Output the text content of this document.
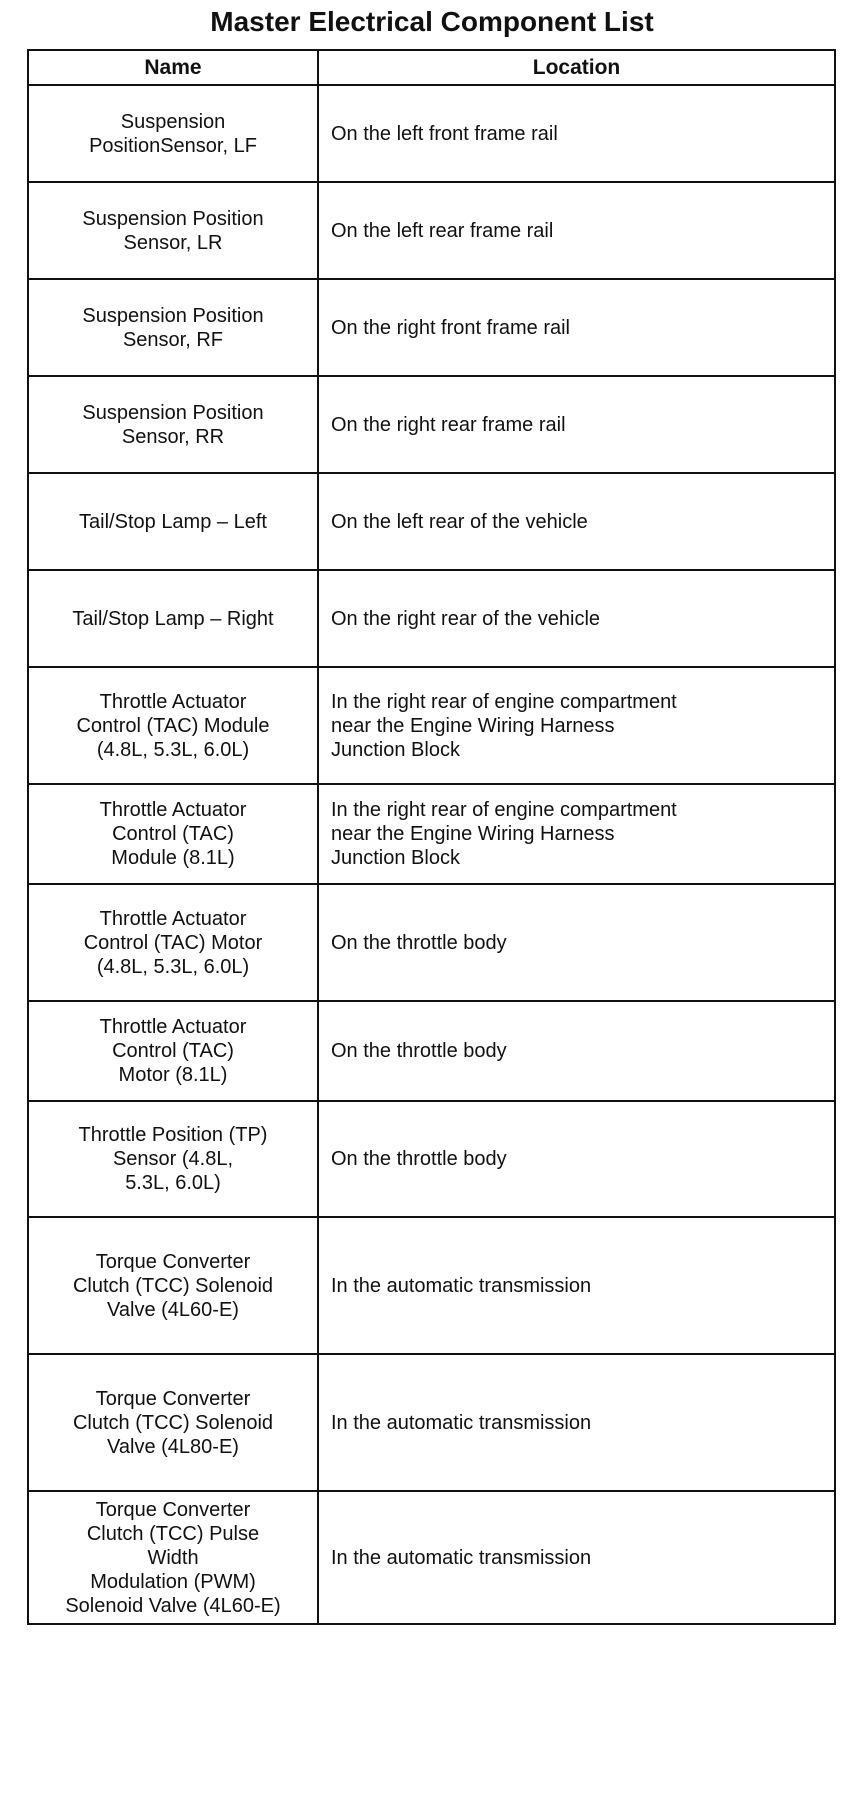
Master Electrical Component List
Name	Location
Suspension
PositionSensor, LF	On the left front frame rail
Suspension Position
Sensor, LR	On the left rear frame rail
Suspension Position
Sensor, RF	On the right front frame rail
Suspension Position
Sensor, RR	On the right rear frame rail
Tail/Stop Lamp – Left	On the left rear of the vehicle
Tail/Stop Lamp – Right	On the right rear of the vehicle
Throttle Actuator
Control (TAC) Module
(4.8L, 5.3L, 6.0L)	In the right rear of engine compartment
near the Engine Wiring Harness
Junction Block
Throttle Actuator
Control (TAC)
Module (8.1L)	In the right rear of engine compartment
near the Engine Wiring Harness
Junction Block
Throttle Actuator
Control (TAC) Motor
(4.8L, 5.3L, 6.0L)	On the throttle body
Throttle Actuator
Control (TAC)
Motor (8.1L)	On the throttle body
Throttle Position (TP)
Sensor (4.8L,
5.3L, 6.0L)	On the throttle body
Torque Converter
Clutch (TCC) Solenoid
Valve (4L60-E)	In the automatic transmission
Torque Converter
Clutch (TCC) Solenoid
Valve (4L80-E)	In the automatic transmission
Torque Converter
Clutch (TCC) Pulse
Width
Modulation (PWM)
Solenoid Valve (4L60-E)	In the automatic transmission
